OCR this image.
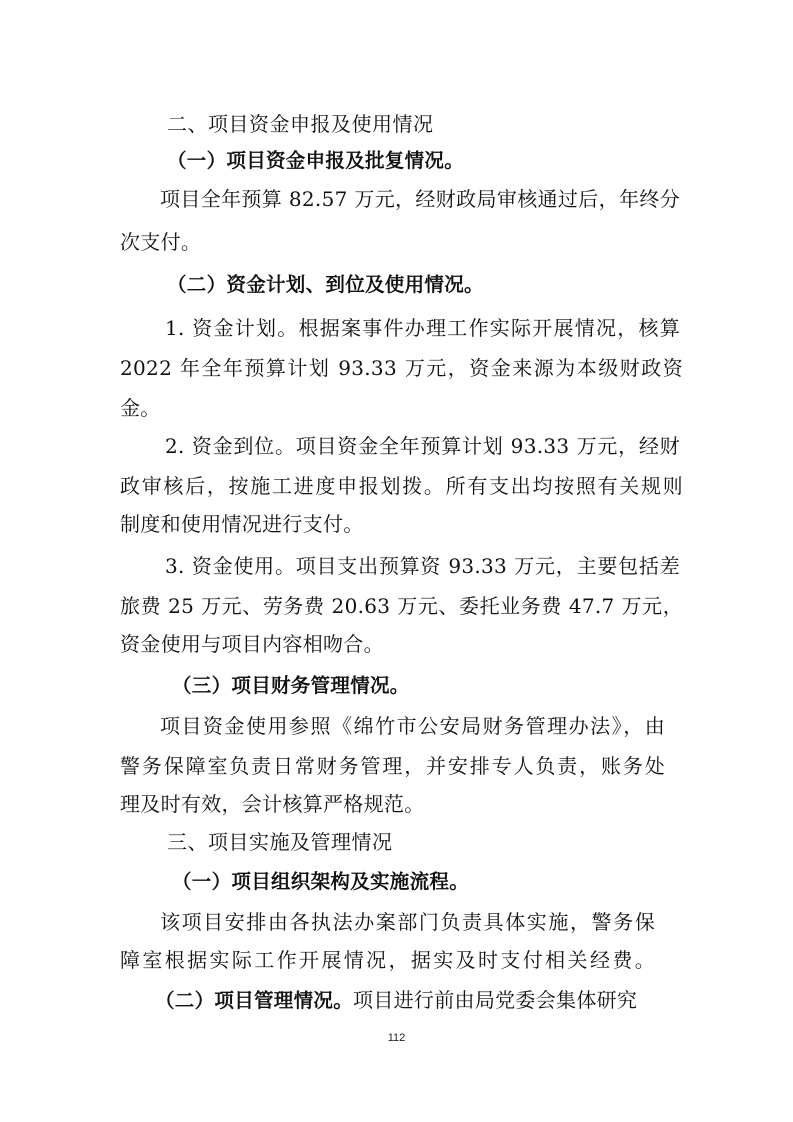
二、项目资金申报及使用情况
（一）项目资金申报及批复情况。
项目全年预算 82.57 万元，经财政局审核通过后，年终分
次支付。
（二）资金计划、到位及使用情况。
1. 资金计划。根据案事件办理工作实际开展情况，核算
2022 年全年预算计划 93.33 万元，资金来源为本级财政资
金。
2. 资金到位。项目资金全年预算计划 93.33 万元，经财
政审核后，按施工进度申报划拨。所有支出均按照有关规则
制度和使用情况进行支付。
3. 资金使用。项目支出预算资 93.33 万元，主要包括差
旅费 25 万元、劳务费 20.63 万元、委托业务费 47.7 万元，
资金使用与项目内容相吻合。
（三）项目财务管理情况。
项目资金使用参照《绵竹市公安局财务管理办法》，由
警务保障室负责日常财务管理，并安排专人负责，账务处
理及时有效，会计核算严格规范。
三、项目实施及管理情况
（一）项目组织架构及实施流程。
该项目安排由各执法办案部门负责具体实施，警务保
障室根据实际工作开展情况，据实及时支付相关经费。
（二）项目管理情况。项目进行前由局党委会集体研究
112
